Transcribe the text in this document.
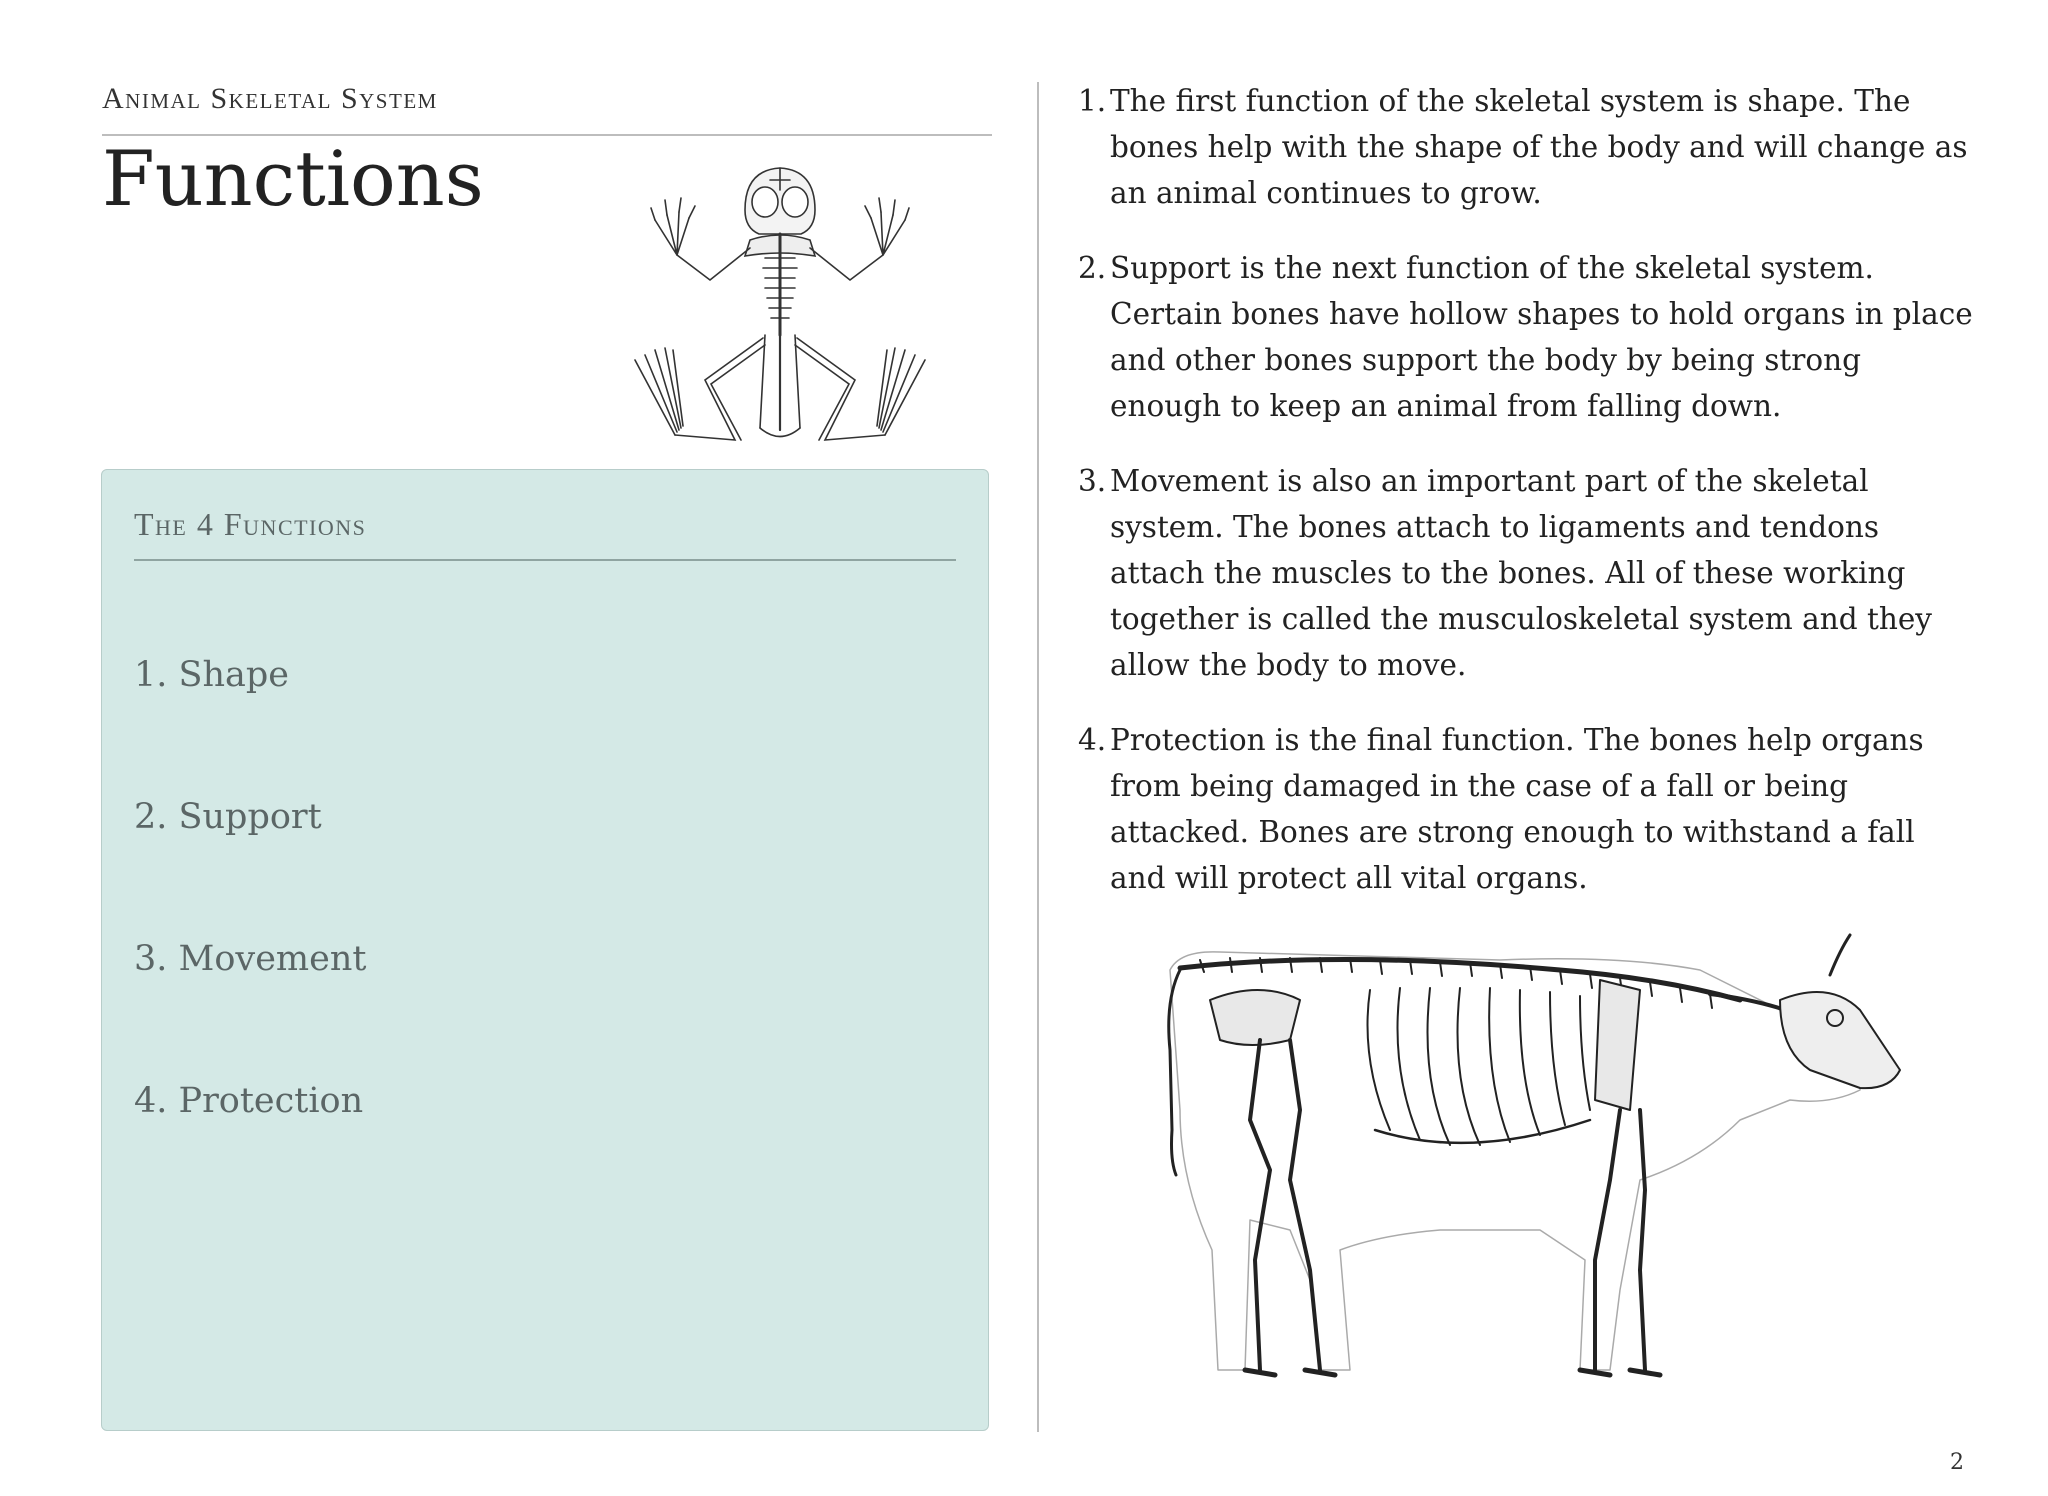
Animal Skeletal System
Functions
The 4 Functions
1. Shape
2. Support
3. Movement
4. Protection
1. The first function of the skeletal system is shape. The bones help with the shape of the body and will change as an animal continues to grow.
2. Support is the next function of the skeletal system. Certain bones have hollow shapes to hold organs in place and other bones support the body by being strong enough to keep an animal from falling down.
3. Movement is also an important part of the skeletal system. The bones attach to ligaments and tendons attach the muscles to the bones. All of these working together is called the musculoskeletal system and they allow the body to move.
4. Protection is the final function. The bones help organs from being damaged in the case of a fall or being attacked. Bones are strong enough to withstand a fall and will protect all vital organs.
2
